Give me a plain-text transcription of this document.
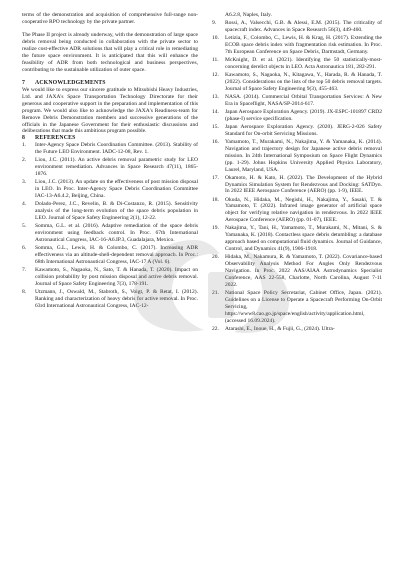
terms of the demonstration and acquisition of comprehensive full-range non-cooperative RPO technology by the private partner.

The Phase II project is already underway, with the demonstration of large space debris removal being conducted in collaboration with the private sector to realize cost-effective ADR solutions that will play a critical role in remediating the future space environment. It is anticipated that this will enhance the feasibility of ADR from both technological and business perspectives, contributing to the sustainable utilization of outer space.

7 ACKNOWLEDGEMENTS

We would like to express our sincere gratitude to Mitsubishi Heavy Industries, Ltd. and JAXA's Space Transportation Technology Directorate for their generous and cooperative support in the preparation and implementation of this program. We would also like to acknowledge the JAXA's Readiness-team for Remove Debris Demonstration members and successive generations of the officials in the Japanese Government for their enthusiastic discussions and deliberations that made this ambitious program possible.

8 REFERENCES
1. Inter-Agency Space Debris Coordination Committee. (2013). Stability of the Future LEO Environment. IADC-12-08, Rev. 1.
2. Liou, J.C. (2011). An active debris removal parametric study for LEO environment remediation. Advances in Space Research 47(11), 1865-1876.
3. Liou, J.C. (2013). An update on the effectiveness of post mission disposal in LEO. In Proc. Inter-Agency Space Debris Coordination Committee IAC-13-A6.4.2, Beijing, China.
4. Dolado-Perez, J.C., Revelin, B. & Di-Costanzo, R. (2015). Sensitivity analysis of the long-term evolution of the space debris population in LEO. Journal of Space Safety Engineering 2(1), 12-22.
5. Somma, G.L. et al. (2016). Adaptive remediation of the space debris environment using feedback control. In Proc. 67th International Astronautical Congress, IAC-16-A6.IP.3, Guadalajara, Mexico.
6. Somma, G.L., Lewis, H. & Colombo, C. (2017). Increasing ADR effectiveness via an altitude-shell-dependent removal approach. In Proc.: 68th International Astronautical Congress, IAC-17 A (Vol. 6).
7. Kawamoto, S., Nagaoka, N., Sato, T. & Hanada, T. (2020). Impact on collision probability by post mission disposal and active debris removal. Journal of Space Safety Engineering 7(3), 178-191.
8. Utzmann, J., Oswald, M., Stabroth, S., Voigt, P. & Retat, I. (2012). Ranking and characterization of heavy debris for active removal. In Proc. 63rd International Astronautical Congress, IAC-12-
A6.2.8, Naples, Italy.
9. Rossi, A., Valsecchi, G.B. & Alessi, E.M. (2015). The criticality of spacecraft index. Advances in Space Research 56(3), 449-460.
10. Letizia, F., Colombo, C., Lewis, H. & Krag, H. (2017). Extending the ECOB space debris index with fragmentation risk estimation. In Proc. 7th European Conference on Space Debris, Darmstadt, Germany.
11. McKnight, D. et al. (2021). Identifying the 50 statistically-most-concerning derelict objects in LEO. Acta Astronautica 181, 282-291.
12. Kawamoto, S., Nagaoka, N., Kitagawa, Y., Harada, R. & Hanada, T. (2022). Considerations on the lists of the top 50 debris removal targets. Journal of Space Safety Engineering 9(3), 455-463.
13. NASA. (2014). Commercial Orbital Transportation Services: A New Era in Spaceflight, NASA/SP-2014-617.
14. Japan Aerospace Exploration Agency. (2019). JX-ESPC-101897 CRD2 (phase-I) service specification.
15. Japan Aerospace Exploration Agency. (2020). JERG-2-026 Safety Standard for On-orbit Servicing Missions.
16. Yamamoto, T., Murakami, N., Nakajima, Y. & Yamanaka, K. (2014). Navigation and trajectory design for Japanese active debris removal mission. In 24th International Symposium on Space Flight Dynamics (pp. 1-29). Johns Hopkins University Applied Physics Laboratory, Laurel, Maryland, USA.
17. Okamoto, H. & Kato, H. (2022). The Development of the Hybrid Dynamics Simulation System for Rendezvous and Docking: SATDyn. In 2022 IEEE Aerospace Conference (AERO) (pp. 1-9), IEEE.
18. Okuda, N., Hidaka, M., Negishi, H., Nakajima, Y., Sasaki, T. & Yamamoto, T. (2022). Infrared image generator of artificial space object for verifying relative navigation in rendezvous. In 2022 IEEE Aerospace Conference (AERO) (pp. 01-07), IEEE.
19. Nakajima, Y., Tani, H., Yamamoto, T., Murakami, N., Mitani, S. & Yamanaka, K. (2018). Contactless space debris detumbling: a database approach based on computational fluid dynamics. Journal of Guidance, Control, and Dynamics 41(9), 1906-1918.
20. Hidaka, M., Nakamura, R. & Yamamoto, T. (2022). Covariance-based Observability Analysis Method For Angles Only Rendezvous Navigation. In Proc. 2022 AAS/AIAA Astrodynamics Specialist Conference, AAS 22-558, Charlotte, North Carolina, August 7-11 2022.
21. National Space Policy Secretariat, Cabinet Office, Japan. (2021). Guidelines on a License to Operate a Spacecraft Performing On-Orbit Servicing, https://www8.cao.go.jp/space/english/activity/application.html, (accessed 16.09.2024).
22. Atarashi, E., Inoue, H., & Fujii, G., (2024). Ultra-
